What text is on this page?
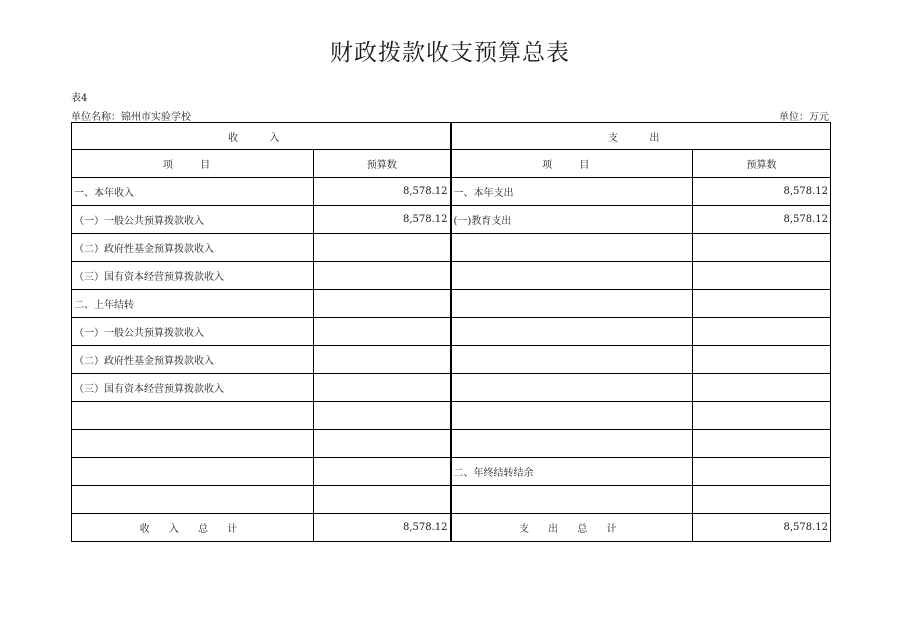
财政拨款收支预算总表
表4
单位名称：锦州市实验学校	单位：万元
收 入		支 出	
项 目	预算数	项 目	预算数
一、本年收入	8,578.12	一、本年支出	8,578.12
（一）一般公共预算拨款收入	8,578.12	(一)教育支出	8,578.12
（二）政府性基金预算拨款收入			
（三）国有资本经营预算拨款收入			
二、上年结转			
（一）一般公共预算拨款收入			
（二）政府性基金预算拨款收入			
（三）国有资本经营预算拨款收入			

		二、年终结转结余	

收 入 总 计	8,578.12	支 出 总 计	8,578.12
